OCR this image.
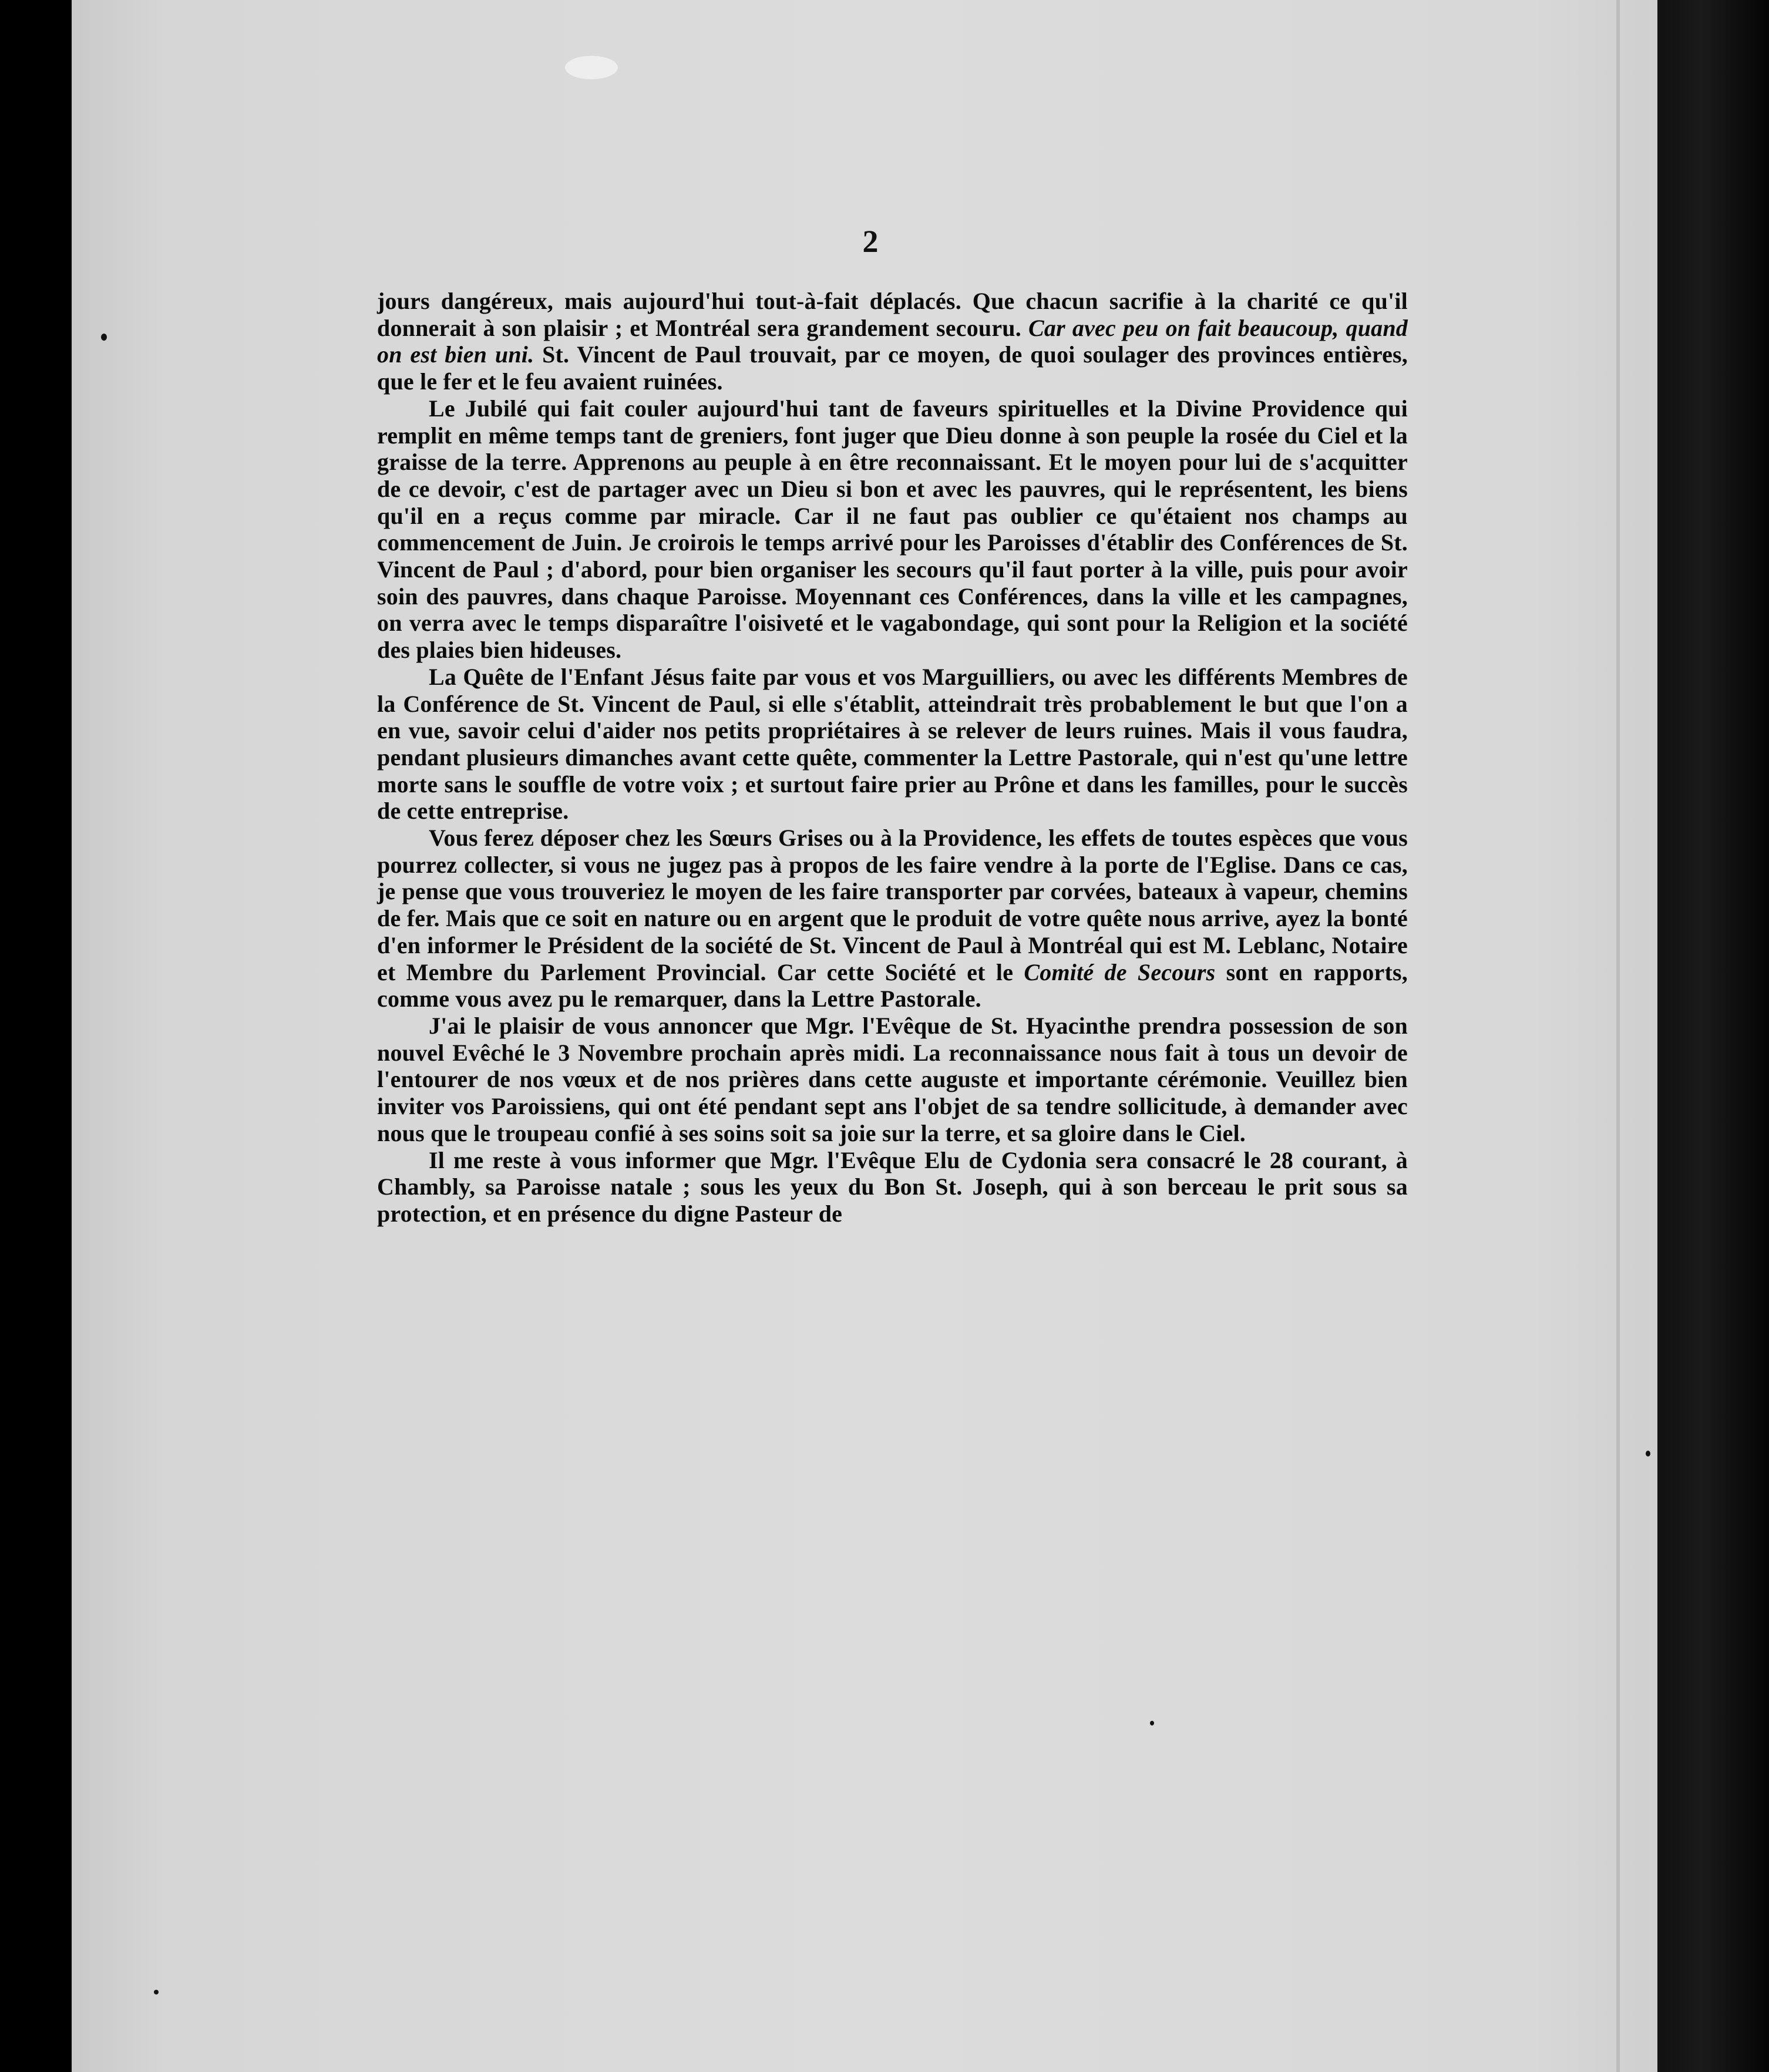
2

jours dangéreux, mais aujourd'hui tout-à-fait déplacés. Que chacun sacrifie à la charité ce qu'il donnerait à son plaisir ; et Montréal sera grandement secouru. Car avec peu on fait beaucoup, quand on est bien uni. St. Vincent de Paul trouvait, par ce moyen, de quoi soulager des provinces entières, que le fer et le feu avaient ruinées.

Le Jubilé qui fait couler aujourd'hui tant de faveurs spirituelles et la Divine Providence qui remplit en même temps tant de greniers, font juger que Dieu donne à son peuple la rosée du Ciel et la graisse de la terre. Apprenons au peuple à en être reconnaissant. Et le moyen pour lui de s'acquitter de ce devoir, c'est de partager avec un Dieu si bon et avec les pauvres, qui le représentent, les biens qu'il en a reçus comme par miracle. Car il ne faut pas oublier ce qu'étaient nos champs au commencement de Juin. Je croirois le temps arrivé pour les Paroisses d'établir des Conférences de St. Vincent de Paul ; d'abord, pour bien organiser les secours qu'il faut porter à la ville, puis pour avoir soin des pauvres, dans chaque Paroisse. Moyennant ces Conférences, dans la ville et les campagnes, on verra avec le temps disparaître l'oisiveté et le vagabondage, qui sont pour la Religion et la société des plaies bien hideuses.

La Quête de l'Enfant Jésus faite par vous et vos Marguilliers, ou avec les différents Membres de la Conférence de St. Vincent de Paul, si elle s'établit, atteindrait très probablement le but que l'on a en vue, savoir celui d'aider nos petits propriétaires à se relever de leurs ruines. Mais il vous faudra, pendant plusieurs dimanches avant cette quête, commenter la Lettre Pastorale, qui n'est qu'une lettre morte sans le souffle de votre voix ; et surtout faire prier au Prône et dans les familles, pour le succès de cette entreprise.

Vous ferez déposer chez les Sœurs Grises ou à la Providence, les effets de toutes espèces que vous pourrez collecter, si vous ne jugez pas à propos de les faire vendre à la porte de l'Eglise. Dans ce cas, je pense que vous trouveriez le moyen de les faire transporter par corvées, bateaux à vapeur, chemins de fer. Mais que ce soit en nature ou en argent que le produit de votre quête nous arrive, ayez la bonté d'en informer le Président de la société de St. Vincent de Paul à Montréal qui est M. Leblanc, Notaire et Membre du Parlement Provincial. Car cette Société et le Comité de Secours sont en rapports, comme vous avez pu le remarquer, dans la Lettre Pastorale.

J'ai le plaisir de vous annoncer que Mgr. l'Evêque de St. Hyacinthe prendra possession de son nouvel Evêché le 3 Novembre prochain après midi. La reconnaissance nous fait à tous un devoir de l'entourer de nos vœux et de nos prières dans cette auguste et importante cérémonie. Veuillez bien inviter vos Paroissiens, qui ont été pendant sept ans l'objet de sa tendre sollicitude, à demander avec nous que le troupeau confié à ses soins soit sa joie sur la terre, et sa gloire dans le Ciel.

Il me reste à vous informer que Mgr. l'Evêque Elu de Cydonia sera consacré le 28 courant, à Chambly, sa Paroisse natale ; sous les yeux du Bon St. Joseph, qui à son berceau le prit sous sa protection, et en présence du digne Pasteur de
